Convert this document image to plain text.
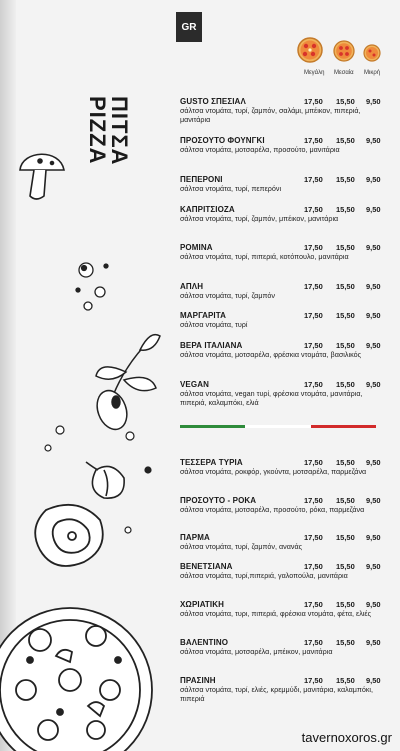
GR
Μεγάλη Μεσαία Μικρή
ΠΙΤΣΑ
PIZZA	GUSTO ΣΠΕΣΙΑΛ
σάλτσα ντομάτα, τυρί, ζαμπόν, σαλάμι, μπέικον, πιπεριά, μανιτάρια
17,50 15,50 9,50
ΠΡΟΣΟΥΤΟ ΦΟΥΝΓΚΙ
σάλτσα ντομάτα, μοτσαρέλα, προσούτο, μανιτάρια
17,50 15,50 9,50
ΠΕΠΕΡΟΝΙ
σάλτσα ντομάτα, τυρί, πεπερόνι
17,50 15,50 9,50
ΚΑΠΡΙΤΣΙΟΖΑ
σάλτσα ντομάτα, τυρί, ζαμπόν, μπέικον, μανιτάρια
17,50 15,50 9,50
ΡΟΜΙΝΑ
σάλτσα ντομάτα, τυρί, πιπεριά, κοτόπουλο, μανιτάρια
17,50 15,50 9,50
ΑΠΛΗ
σάλτσα ντομάτα, τυρί, ζαμπόν
17,50 15,50 9,50
ΜΑΡΓΑΡΙΤΑ
σάλτσα ντομάτα, τυρί
17,50 15,50 9,50
ΒΕΡΑ ΙΤΑΛΙΑΝΑ
σάλτσα ντομάτα, μοτσαρέλα, φρέσκια ντομάτα, βασιλικός
17,50 15,50 9,50
VEGAN
σάλτσα ντομάτα, vegan τυρί, φρέσκια ντομάτα, μανιτάρια, πιπεριά, καλαμπόκι, ελιά
17,50 15,50 9,50
ΤΕΣΣΕΡΑ ΤΥΡΙΑ
σάλτσα ντομάτα, ροκφόρ, γκούντα, μοτσαρέλα, παρμεζάνα
17,50 15,50 9,50
ΠΡΟΣΟΥΤΟ - ΡΟΚΑ
σάλτσα ντομάτα, μοτσαρέλα, προσούτο, ρόκα, παρμεζάνα
17,50 15,50 9,50
ΠΑΡΜΑ
σάλτσα ντομάτα, τυρί, ζαμπόν, ανανάς
17,50 15,50 9,50
ΒΕΝΕΤΣΙΑΝΑ
σάλτσα ντομάτα, τυρί,πιπεριά, γαλοπούλα, μανιτάρια
17,50 15,50 9,50
ΧΩΡΙΑΤΙΚΗ
σάλτσα ντομάτα, τυρι, πιπεριά, φρέσκια ντομάτα, φέτα, ελιές
17,50 15,50 9,50
ΒΑΛΕΝΤΙΝΟ
σάλτσα ντομάτα, μοτσαρέλα, μπέικον, μανιτάρια
17,50 15,50 9,50
ΠΡΑΣΙΝΗ
σάλτσα ντομάτα, τυρί, ελιές, κρεμμύδι, μανιτάρια, καλαμπόκι, πιπεριά
17,50 15,50 9,50
tavernoxoros.gr
